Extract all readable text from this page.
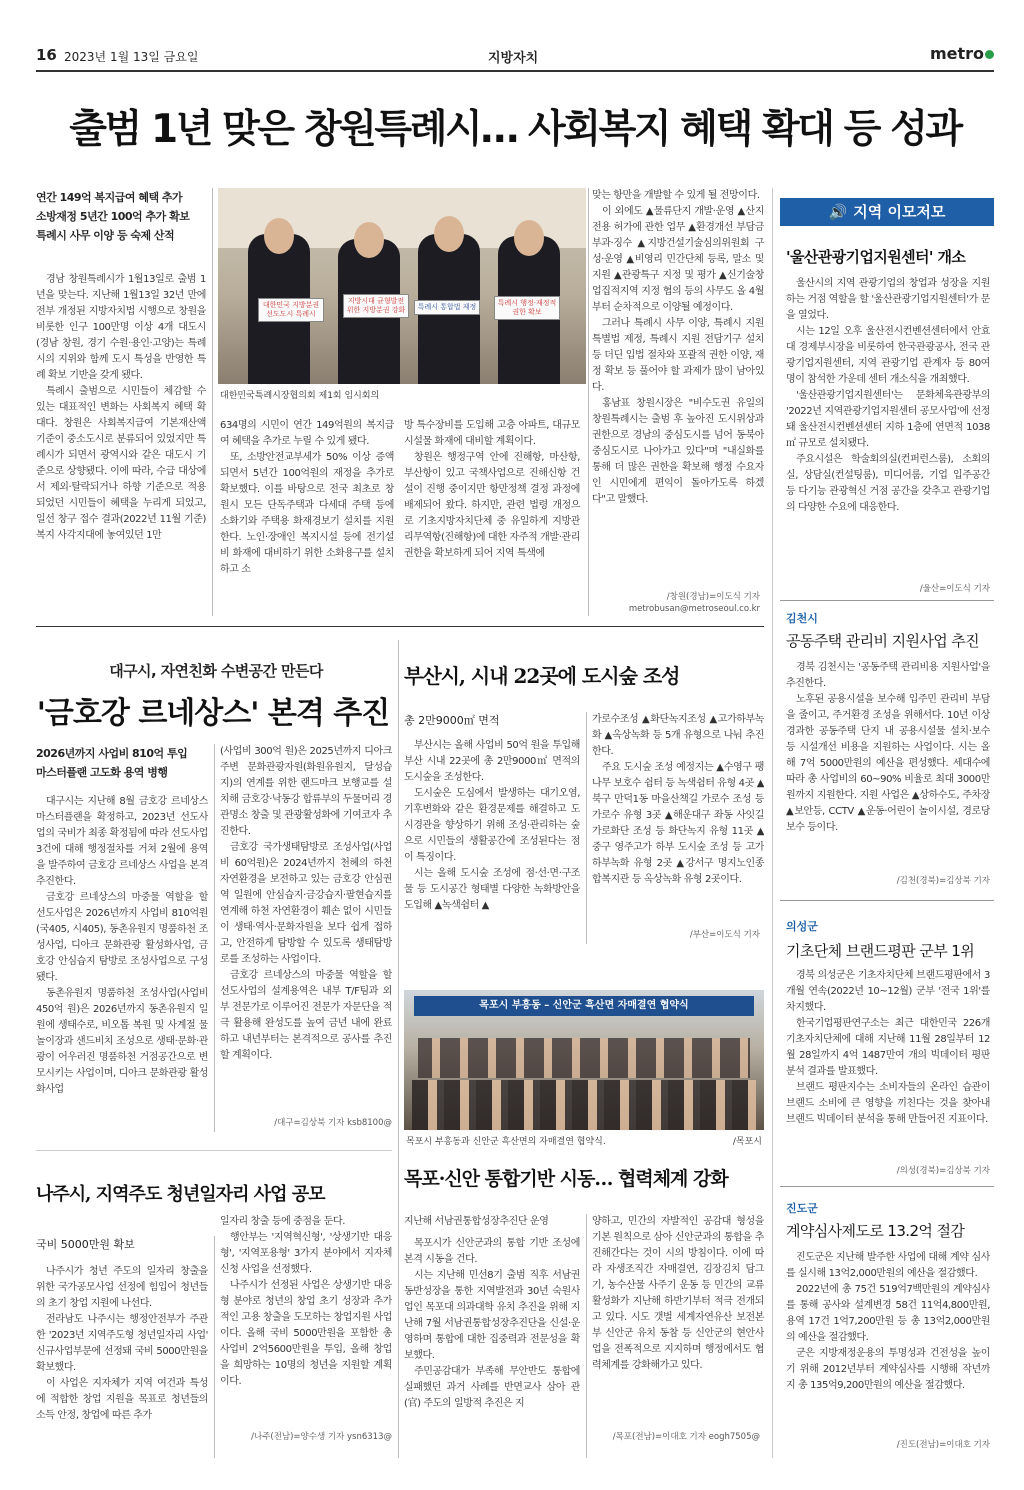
16 2023년 1월 13일 금요일	지방자치	metro
출범 1년 맞은 창원특례시… 사회복지 혜택 확대 등 성과
연간 149억 복지급여 혜택 추가
소방재정 5년간 100억 추가 확보
특례시 사무 이양 등 숙제 산적
대한민국 지방분권 선도도시 특례시
지방시대 균형발전 위한 지방분권 강화	특례시 통합법 제정	특례시 행정·재정적 권한 확보
대한민국특례시장협의회 제1회 임시회의

경남 창원특례시가 1월13일로 출범 1년을 맞는다. 지난해 1월13일 32년 만에 전부 개정된 지방자치법 시행으로 창원을 비롯한 인구 100만명 이상 4개 대도시(경남 창원, 경기 수원·용인·고양)는 특례시의 지위와 함께 도시 특성을 반영한 특례 확보 기반을 갖게 됐다.

특례시 출범으로 시민들이 체감할 수 있는 대표적인 변화는 사회복지 혜택 확대다. 창원은 사회복지급여 기본재산액 기준이 중소도시로 분류되어 있었지만 특례시가 되면서 광역시와 같은 대도시 기준으로 상향됐다. 이에 따라, 수급 대상에서 제외·탈락되거나 하향 기준으로 적용되었던 시민들이 혜택을 누리게 되었고, 일선 창구 접수 결과(2022년 11월 기준) 복지 사각지대에 놓여있던 1만

634명의 시민이 연간 149억원의 복지급여 혜택을 추가로 누릴 수 있게 됐다.

또, 소방안전교부세가 50% 이상 증액되면서 5년간 100억원의 재정을 추가로 확보했다. 이를 바탕으로 전국 최초로 창원시 모든 단독주택과 다세대 주택 등에 소화기와 주택용 화재경보기 설치를 지원한다. 노인·장애인 복지시설 등에 전기설비 화재에 대비하기 위한 소화용구를 설치하고 소

방 특수장비를 도입해 고층 아파트, 대규모 시설물 화재에 대비할 계획이다.

창원은 행정구역 안에 진해항, 마산항, 부산항이 있고 국책사업으로 진해신항 건설이 진행 중이지만 항만정책 결정 과정에 배제되어 왔다. 하지만, 관련 법령 개정으로 기초지방자치단체 중 유일하게 지방관리무역항(진해항)에 대한 자주적 개발·관리 권한을 확보하게 되어 지역 특색에

맞는 항만을 개발할 수 있게 될 전망이다.

이 외에도 ▲물류단지 개발·운영 ▲산지 전용 허가에 관한 업무 ▲환경개선 부담금 부과·징수 ▲지방건설기술심의위원회 구성·운영 ▲비영리 민간단체 등록, 말소 및 지원 ▲관광특구 지정 및 평가 ▲신기술창업집적지역 지정 협의 등의 사무도 올 4월부터 순차적으로 이양될 예정이다.

그러나 특례시 사무 이양, 특례시 지원 특별법 제정, 특례시 지원 전담기구 설치 등 더딘 입법 절차와 포괄적 권한 이양, 재정 확보 등 풀어야 할 과제가 많이 남아있다.

홍남표 창원시장은 "비수도권 유일의 창원특례시는 출범 후 높아진 도시위상과 권한으로 경남의 중심도시를 넘어 동북아 중심도시로 나아가고 있다"며 "내실화를 통해 더 많은 권한을 확보해 행정 수요자인 시민에게 편익이 돌아가도록 하겠다"고 말했다.

/창원(경남)=이도식 기자
metrobusan@metroseoul.co.kr
대구시, 자연친화 수변공간 만든다
'금호강 르네상스' 본격 추진
2026년까지 사업비 810억 투입
마스터플랜 고도화 용역 병행

대구시는 지난해 8월 금호강 르네상스 마스터플랜을 확정하고, 2023년 선도사업의 국비가 최종 확정됨에 따라 선도사업 3건에 대해 행정절차를 거쳐 2월에 용역을 발주하여 금호강 르네상스 사업을 본격 추진한다.

금호강 르네상스의 마중물 역할을 할 선도사업은 2026년까지 사업비 810억원(국405, 시405), 동촌유원지 명품하천 조성사업, 디아크 문화관광 활성화사업, 금호강 안심습지 탐방로 조성사업으로 구성됐다.

동촌유원지 명품하천 조성사업(사업비 450억 원)은 2026년까지 동촌유원지 일원에 생태수로, 비오톱 복원 및 사계절 물놀이장과 샌드비치 조성으로 생태·문화·관광이 어우러진 명품하천 거점공간으로 변모시키는 사업이며, 디아크 문화관광 활성화사업

(사업비 300억 원)은 2025년까지 디아크 주변 문화관광자원(화원유원지, 달성습지)의 연계를 위한 랜드마크 보행교를 설치해 금호강·낙동강 합류부의 두물머리 경관명소 창출 및 관광활성화에 기여코자 추진한다.

금호강 국가생태탐방로 조성사업(사업비 60억원)은 2024년까지 천혜의 하천 자연환경을 보전하고 있는 금호강 안심권역 일원에 안심습지·금강습지·팔현습지를 연계해 하천 자연환경이 훼손 없이 시민들이 생태·역사·문화자원을 보다 쉽게 접하고, 안전하게 탐방할 수 있도록 생태탐방로를 조성하는 사업이다.

금호강 르네상스의 마중물 역할을 할 선도사업의 설계용역은 내부 T/F팀과 외부 전문가로 이루어진 전문가 자문단을 적극 활용해 완성도를 높여 금년 내에 완료하고 내년부터는 본격적으로 공사를 추진할 계획이다.

/대구=김상북 기자 ksb8100@
부산시, 시내 22곳에 도시숲 조성
총 2만9000㎡ 면적

부산시는 올해 사업비 50억 원을 투입해 부산 시내 22곳에 총 2만9000㎡ 면적의 도시숲을 조성한다.

도시숲은 도심에서 발생하는 대기오염, 기후변화와 같은 환경문제를 해결하고 도시경관을 향상하기 위해 조성·관리하는 숲으로 시민들의 생활공간에 조성된다는 점이 특징이다.

시는 올해 도시숲 조성에 점·선·면·구조물 등 도시공간 형태별 다양한 녹화방안을 도입해 ▲녹색쉼터 ▲

가로수조성 ▲화단녹지조성 ▲고가하부녹화 ▲옥상녹화 등 5개 유형으로 나눠 추진한다.

주요 도시숲 조성 예정지는 ▲수영구 팽나무 보호수 쉼터 등 녹색쉼터 유형 4곳 ▲북구 만덕1동 마을산책길 가로수 조성 등 가로수 유형 3곳 ▲해운대구 좌동 사잇길 가로화단 조성 등 화단녹지 유형 11곳 ▲중구 영주고가 하부 도시숲 조성 등 고가하부녹화 유형 2곳 ▲강서구 명지노인종합복지관 등 옥상녹화 유형 2곳이다.

/부산=이도식 기자
목포시 부흥동 – 신안군 흑산면 자매결연 협약식
목포시 부흥동과 신안군 흑산면의 자매결연 협약식.	/목포시
목포·신안 통합기반 시동… 협력체계 강화

지난해 서남권통합성장추진단 운영

목포시가 신안군과의 통합 기반 조성에 본격 시동을 건다.

시는 지난해 민선8기 출범 직후 서남권 동반성장을 통한 지역발전과 30년 숙원사업인 목포대 의과대학 유치 추진을 위해 지난해 7월 서남권통합성장추진단을 신설·운영하며 통합에 대한 집중력과 전문성을 확보했다.

주민공감대가 부족해 무안반도 통합에 실패했던 과거 사례를 반면교사 삼아 관(官) 주도의 일방적 추진은 지

양하고, 민간의 자발적인 공감대 형성을 기본 원칙으로 삼아 신안군과의 통합을 추진해간다는 것이 시의 방침이다. 이에 따라 자생조직간 자매결연, 김장김치 담그기, 농수산물 사주기 운동 등 민간의 교류 활성화가 지난해 하반기부터 적극 전개되고 있다. 시도 갯벌 세계자연유산 보전본부 신안군 유치 동참 등 신안군의 현안사업을 전폭적으로 지지하며 행정에서도 협력체계를 강화해가고 있다.

/목포(전남)=이대호 기자 eogh7505@
나주시, 지역주도 청년일자리 사업 공모
국비 5000만원 확보

나주시가 청년 주도의 일자리 창출을 위한 국가공모사업 선정에 힘입어 청년들의 초기 창업 지원에 나선다.

전라남도 나주시는 행정안전부가 주관한 '2023년 지역주도형 청년일자리 사업' 신규사업부문에 선정돼 국비 5000만원을 확보했다.

이 사업은 지자체가 지역 여건과 특성에 적합한 창업 지원을 목표로 청년들의 소득 안정, 창업에 따른 추가

일자리 창출 등에 중점을 둔다.

행안부는 '지역혁신형', '상생기반 대응형', '지역포용형' 3가지 분야에서 지자체 신청 사업을 선정했다.

나주시가 선정된 사업은 상생기반 대응형 분야로 청년의 창업 초기 성장과 추가적인 고용 창출을 도모하는 창업지원 사업이다. 올해 국비 5000만원을 포함한 총 사업비 2억5600만원을 투입, 올해 창업을 희망하는 10명의 청년을 지원할 계획이다.

/나주(전남)=양수생 기자 ysn6313@
🔊 지역 이모저모
'울산관광기업지원센터' 개소

울산시의 지역 관광기업의 창업과 성장을 지원하는 거점 역할을 할 '울산관광기업지원센터'가 문을 열었다.

시는 12일 오후 울산전시컨벤션센터에서 안효대 경제부시장을 비롯하여 한국관광공사, 전국 관광기업지원센터, 지역 관광기업 관계자 등 80여 명이 참석한 가운데 센터 개소식을 개최했다.

'울산관광기업지원센터'는 문화체육관광부의 '2022년 지역관광기업지원센터 공모사업'에 선정돼 울산전시컨벤션센터 지하 1층에 연면적 1038㎡ 규모로 설치됐다.

주요시설은 학술회의실(컨퍼런스룸), 소회의실, 상담실(컨설팅룸), 미디어룸, 기업 입주공간 등 다기능 관광혁신 거점 공간을 갖추고 관광기업의 다양한 수요에 대응한다.

/울산=이도식 기자
김천시
공동주택 관리비 지원사업 추진

경북 김천시는 '공동주택 관리비용 지원사업'을 추진한다.

노후된 공용시설을 보수해 입주민 관리비 부담을 줄이고, 주거환경 조성을 위해서다. 10년 이상 경과한 공동주택 단지 내 공용시설물 설치·보수 등 시설개선 비용을 지원하는 사업이다. 시는 올해 7억 5000만원의 예산을 편성했다. 세대수에 따라 총 사업비의 60~90% 비율로 최대 3000만원까지 지원한다. 지원 사업은 ▲상하수도, 주차장 ▲보안등, CCTV ▲운동·어린이 놀이시설, 경로당 보수 등이다.

/김천(경북)=김상북 기자
의성군
기초단체 브랜드평판 군부 1위

경북 의성군은 기초자치단체 브랜드평판에서 3개월 연속(2022년 10~12월) 군부 '전국 1위'를 차지했다.

한국기업평판연구소는 최근 대한민국 226개 기초자치단체에 대해 지난해 11월 28일부터 12월 28일까지 4억 1487만여 개의 빅데이터 평판 분석 결과를 발표했다.

브랜드 평판지수는 소비자들의 온라인 습관이 브랜드 소비에 큰 영향을 끼친다는 것을 찾아내 브랜드 빅데이터 분석을 통해 만들어진 지표이다.

/의성(경북)=김상북 기자
진도군
계약심사제도로 13.2억 절감

진도군은 지난해 발주한 사업에 대해 계약 심사를 실시해 13억2,000만원의 예산을 절감했다.

2022년에 총 75건 519억7백만원의 계약심사를 통해 공사와 설계변경 58건 11억4,800만원, 용역 17건 1억7,200만원 등 총 13억2,000만원의 예산을 절감했다.

군은 지방재정운용의 투명성과 건전성을 높이기 위해 2012년부터 계약심사를 시행해 작년까지 총 135억9,200만원의 예산을 절감했다.

/진도(전남)=이대호 기자
